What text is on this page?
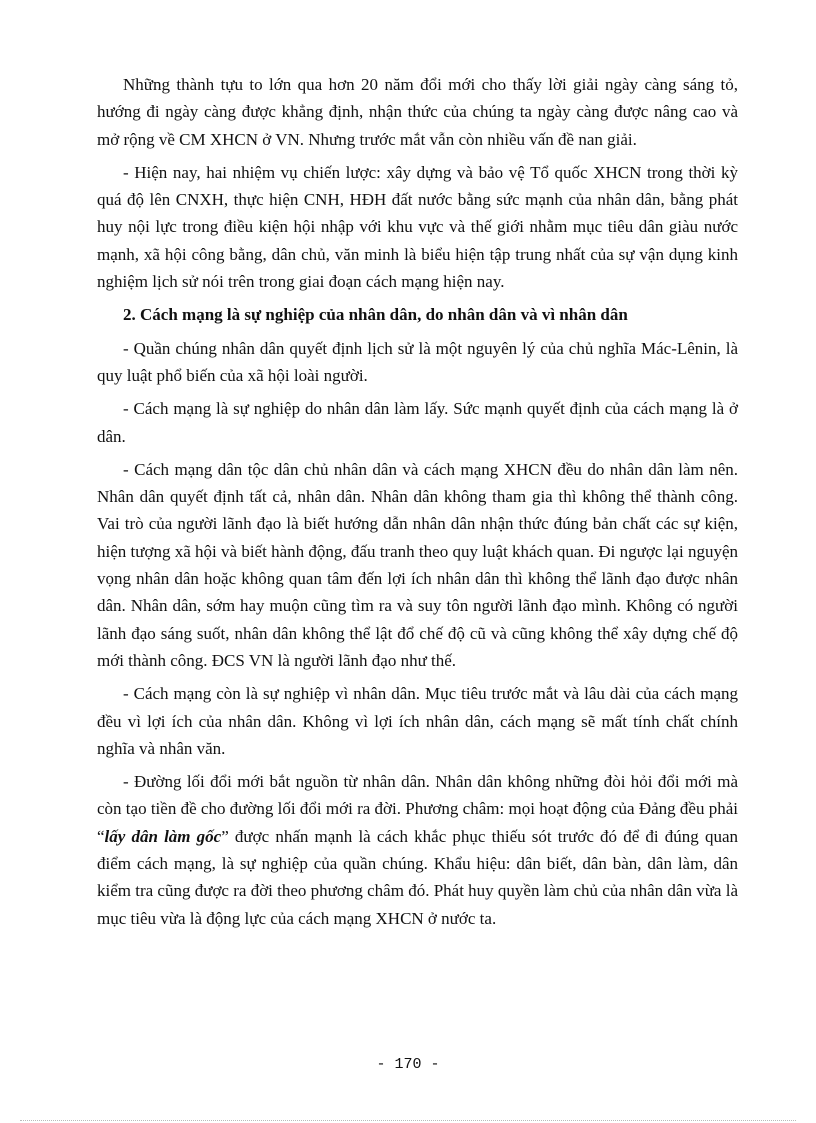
Những thành tựu to lớn qua hơn 20 năm đổi mới cho thấy lời giải ngày càng sáng tỏ, hướng đi ngày càng được khẳng định, nhận thức của chúng ta ngày càng được nâng cao và mở rộng về CM XHCN ở VN. Nhưng trước mắt vẫn còn nhiều vấn đề nan giải.

- Hiện nay, hai nhiệm vụ chiến lược: xây dựng và bảo vệ Tổ quốc XHCN trong thời kỳ quá độ lên CNXH, thực hiện CNH, HĐH đất nước bằng sức mạnh của nhân dân, bằng phát huy nội lực trong điều kiện hội nhập với khu vực và thế giới nhằm mục tiêu dân giàu nước mạnh, xã hội công bằng, dân chủ, văn minh là biểu hiện tập trung nhất của sự vận dụng kinh nghiệm lịch sử nói trên trong giai đoạn cách mạng hiện nay.

2. Cách mạng là sự nghiệp của nhân dân, do nhân dân và vì nhân dân

- Quần chúng nhân dân quyết định lịch sử là một nguyên lý của chủ nghĩa Mác-Lênin, là quy luật phổ biến của xã hội loài người.

- Cách mạng là sự nghiệp do nhân dân làm lấy. Sức mạnh quyết định của cách mạng là ở dân.

- Cách mạng dân tộc dân chủ nhân dân và cách mạng XHCN đều do nhân dân làm nên. Nhân dân quyết định tất cả, nhân dân. Nhân dân không tham gia thì không thể thành công. Vai trò của người lãnh đạo là biết hướng dẫn nhân dân nhận thức đúng bản chất các sự kiện, hiện tượng xã hội và biết hành động, đấu tranh theo quy luật khách quan. Đi ngược lại nguyện vọng nhân dân hoặc không quan tâm đến lợi ích nhân dân thì không thể lãnh đạo được nhân dân. Nhân dân, sớm hay muộn cũng tìm ra và suy tôn người lãnh đạo mình. Không có người lãnh đạo sáng suốt, nhân dân không thể lật đổ chế độ cũ và cũng không thể xây dựng chế độ mới thành công. ĐCS VN là người lãnh đạo như thế.

- Cách mạng còn là sự nghiệp vì nhân dân. Mục tiêu trước mắt và lâu dài của cách mạng đều vì lợi ích của nhân dân. Không vì lợi ích nhân dân, cách mạng sẽ mất tính chất chính nghĩa và nhân văn.

- Đường lối đổi mới bắt nguồn từ nhân dân. Nhân dân không những đòi hỏi đổi mới mà còn tạo tiền đề cho đường lối đổi mới ra đời. Phương châm: mọi hoạt động của Đảng đều phải “lấy dân làm gốc” được nhấn mạnh là cách khắc phục thiếu sót trước đó để đi đúng quan điểm cách mạng, là sự nghiệp của quần chúng. Khẩu hiệu: dân biết, dân bàn, dân làm, dân kiểm tra cũng được ra đời theo phương châm đó. Phát huy quyền làm chủ của nhân dân vừa là mục tiêu vừa là động lực của cách mạng XHCN ở nước ta.

- 170 -
